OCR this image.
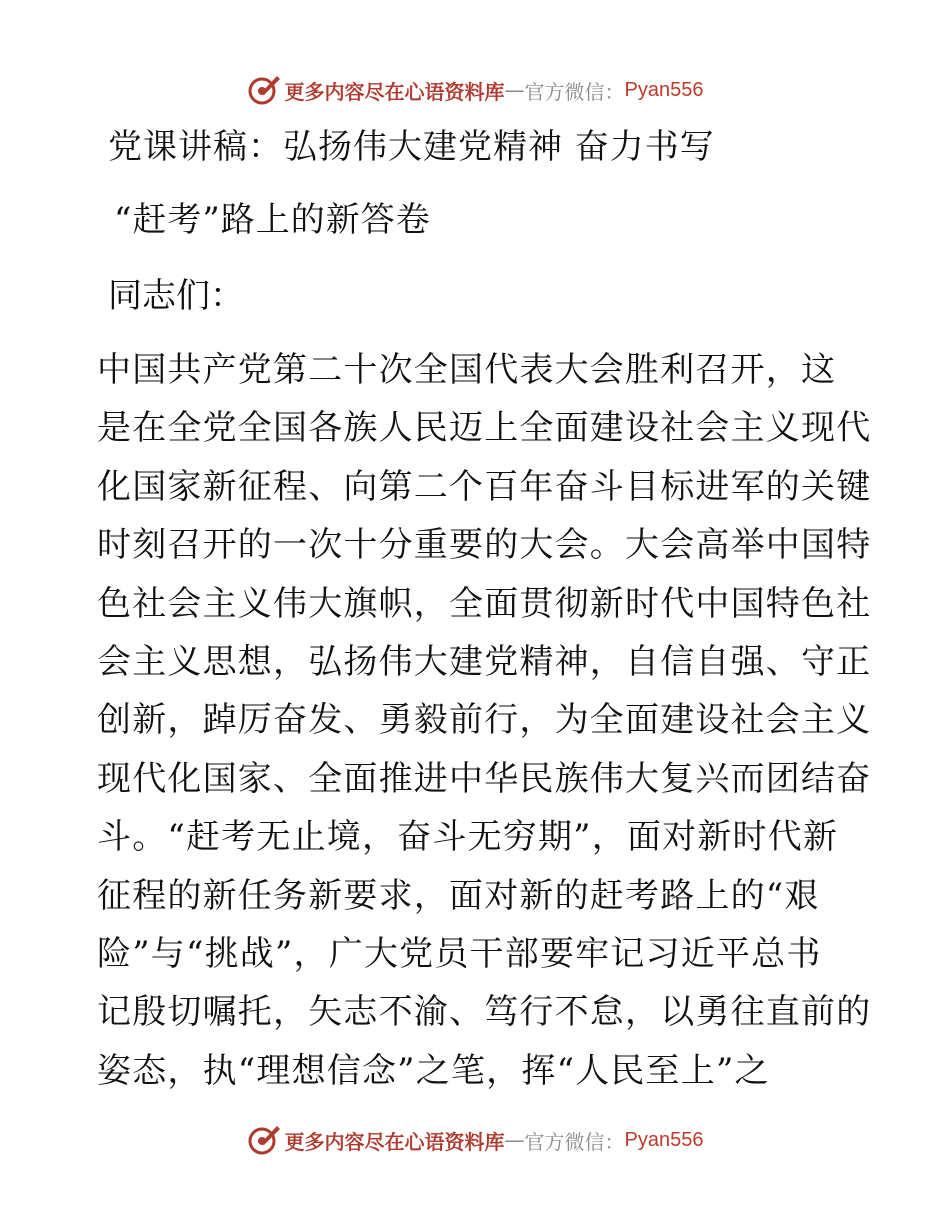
更多内容尽在心语资料库 — 官方微信： Pyan556
党课讲稿：弘扬伟大建党精神 奋力书写
“赶考”路上的新答卷
同志们：
中国共产党第二十次全国代表大会胜利召开，这
是在全党全国各族人民迈上全面建设社会主义现代
化国家新征程、向第二个百年奋斗目标进军的关键
时刻召开的一次十分重要的大会。大会高举中国特
色社会主义伟大旗帜，全面贯彻新时代中国特色社
会主义思想，弘扬伟大建党精神，自信自强、守正
创新，踔厉奋发、勇毅前行，为全面建设社会主义
现代化国家、全面推进中华民族伟大复兴而团结奋
斗。“赶考无止境，奋斗无穷期”，面对新时代新
征程的新任务新要求，面对新的赶考路上的“艰
险”与“挑战”，广大党员干部要牢记习近平总书
记殷切嘱托，矢志不渝、笃行不怠，以勇往直前的
姿态，执“理想信念”之笔，挥“人民至上”之
更多内容尽在心语资料库 — 官方微信： Pyan556
